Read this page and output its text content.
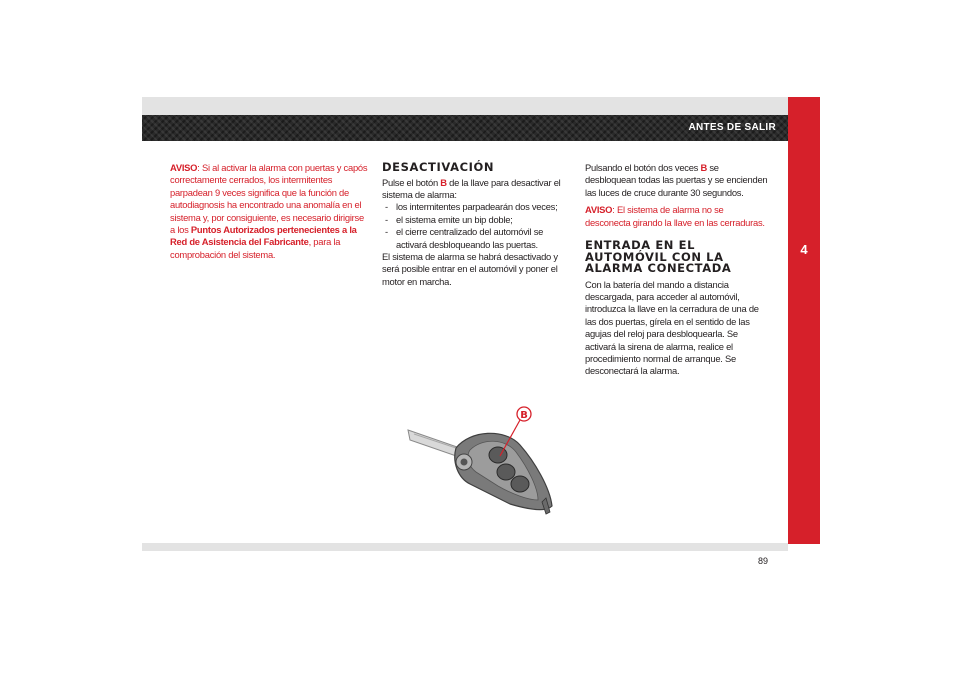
ANTES DE SALIR
4

AVISO: Si al activar la alarma con puertas y capós correctamente cerrados, los intermitentes parpadean 9 veces significa que la función de autodiagnosis ha encontrado una anomalía en el sistema y, por consiguiente, es necesario dirigirse a los Puntos Autorizados pertenecientes a la Red de Asistencia del Fabricante, para la comprobación del sistema.

DESACTIVACIÓN

Pulse el botón B de la llave para desactivar el sistema de alarma:

- los intermitentes parpadearán dos veces;
- el sistema emite un bip doble;
- el cierre centralizado del automóvil se activará desbloqueando las puertas.

El sistema de alarma se habrá desactivado y será posible entrar en el automóvil y poner el motor en marcha.

Pulsando el botón dos veces B se desbloquean todas las puertas y se encienden las luces de cruce durante 30 segundos.

AVISO: El sistema de alarma no se desconecta girando la llave en las cerraduras.

ENTRADA EN EL AUTOMÓVIL CON LA ALARMA CONECTADA

Con la batería del mando a distancia descargada, para acceder al automóvil, introduzca la llave en la cerradura de una de las dos puertas, gírela en el sentido de las agujas del reloj para desbloquearla. Se activará la sirena de alarma, realice el procedimiento normal de arranque. Se desconectará la alarma.

B
89
